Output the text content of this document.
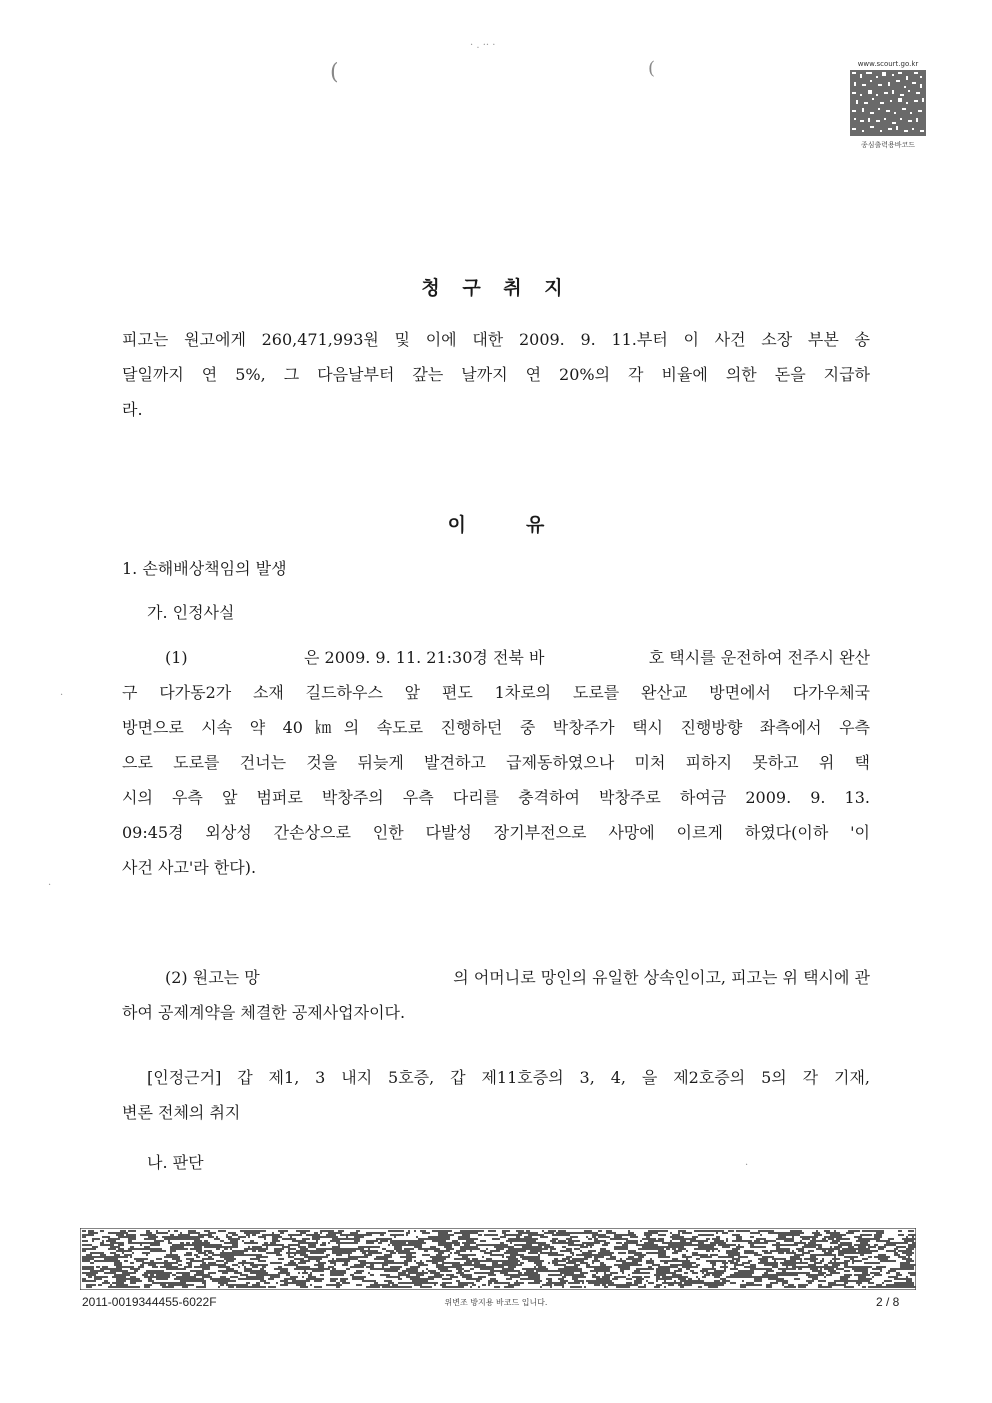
(	(
· . ·· ·
www.scourt.go.kr
종심출력용바코드
청 구 취 지
피고는 원고에게 260,471,993원 및 이에 대한 2009. 9. 11.부터 이 사건 소장 부본 송
달일까지 연 5%, 그 다음날부터 갚는 날까지 연 20%의 각 비율에 의한 돈을 지급하
라.
이	유
1. 손해배상책임의 발생
가. 인정사실
(1)	은 2009. 9. 11. 21:30경 전북 바	호 택시를 운전하여 전주시 완산
구 다가동2가 소재 길드하우스 앞 편도 1차로의 도로를 완산교 방면에서 다가우체국
방면으로 시속 약 40㎞의 속도로 진행하던 중 박창주가 택시 진행방향 좌측에서 우측
으로 도로를 건너는 것을 뒤늦게 발견하고 급제동하였으나 미처 피하지 못하고 위 택
시의 우측 앞 범퍼로 박창주의 우측 다리를 충격하여 박창주로 하여금 2009. 9. 13.
09:45경 외상성 간손상으로 인한 다발성 장기부전으로 사망에 이르게 하였다(이하 '이
사건 사고'라 한다).
(2) 원고는 망	의 어머니로 망인의 유일한 상속인이고, 피고는 위 택시에 관
하여 공제계약을 체결한 공제사업자이다.
[인정근거] 갑 제1, 3 내지 5호증, 갑 제11호증의 3, 4, 을 제2호증의 5의 각 기재,
변론 전체의 취지
나. 판단
2011-0019344455-6022F	위변조 방지용 바코드 입니다.	2 / 8
·
·
·
